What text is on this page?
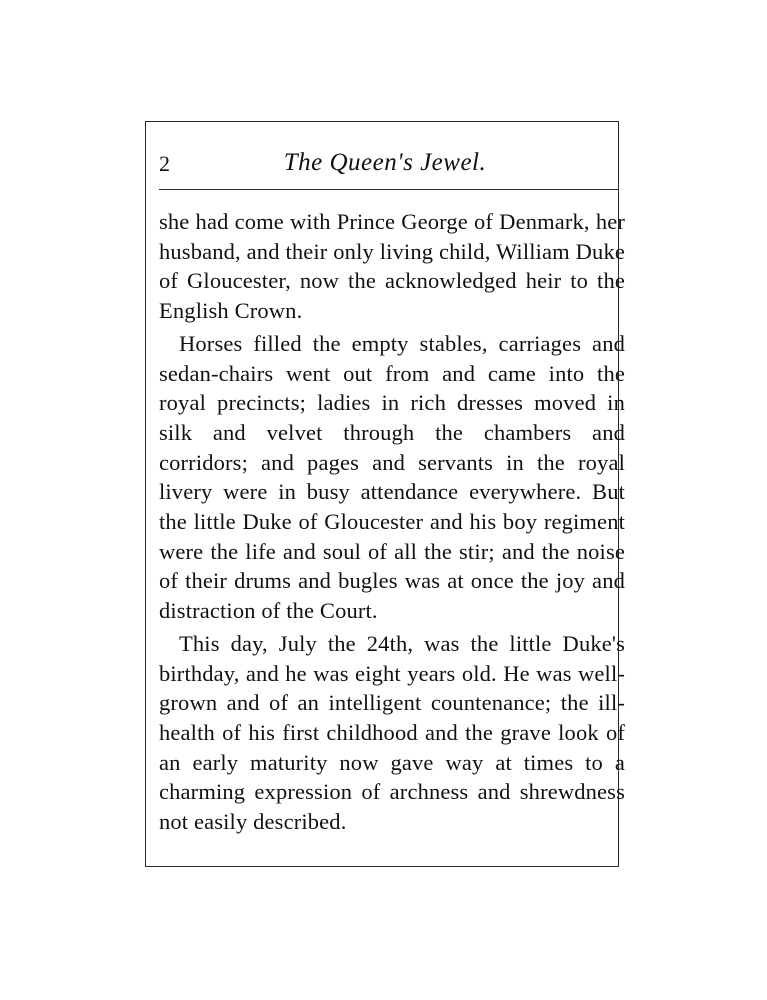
2	The Queen's Jewel.

she had come with Prince George of Denmark, her husband, and their only living child, William Duke of Gloucester, now the acknowledged heir to the English Crown.

Horses filled the empty stables, carriages and sedan-chairs went out from and came into the royal precincts; ladies in rich dresses moved in silk and velvet through the chambers and corridors; and pages and servants in the royal livery were in busy attendance everywhere. But the little Duke of Gloucester and his boy regiment were the life and soul of all the stir; and the noise of their drums and bugles was at once the joy and distraction of the Court.

This day, July the 24th, was the little Duke's birthday, and he was eight years old. He was well-grown and of an intelligent countenance; the ill-health of his first childhood and the grave look of an early maturity now gave way at times to a charming expression of archness and shrewdness not easily described.
